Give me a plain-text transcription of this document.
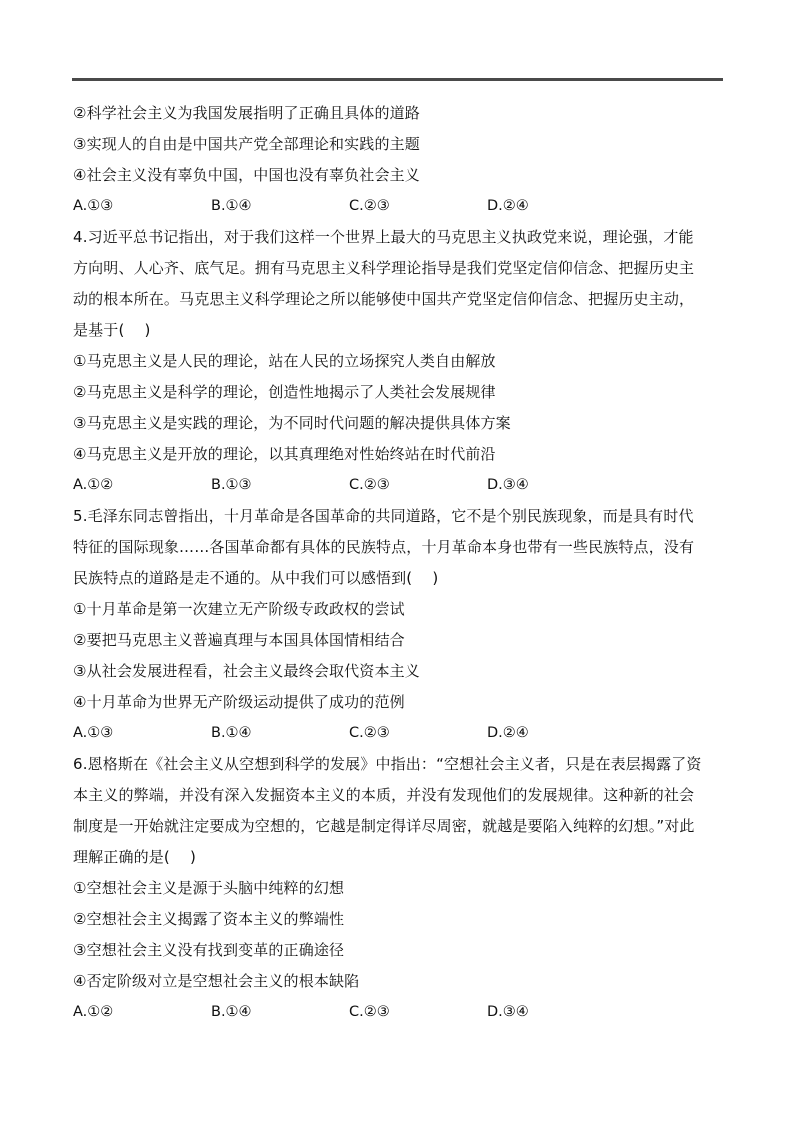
②科学社会主义为我国发展指明了正确且具体的道路
③实现人的自由是中国共产党全部理论和实践的主题
④社会主义没有辜负中国，中国也没有辜负社会主义
A.①③	B.①④	C.②③	D.②④
4.习近平总书记指出，对于我们这样一个世界上最大的马克思主义执政党来说，理论强，才能
方向明、人心齐、底气足。拥有马克思主义科学理论指导是我们党坚定信仰信念、把握历史主
动的根本所在。马克思主义科学理论之所以能够使中国共产党坚定信仰信念、把握历史主动，
是基于(　 )
①马克思主义是人民的理论，站在人民的立场探究人类自由解放
②马克思主义是科学的理论，创造性地揭示了人类社会发展规律
③马克思主义是实践的理论，为不同时代问题的解决提供具体方案
④马克思主义是开放的理论，以其真理绝对性始终站在时代前沿
A.①②	B.①③	C.②③	D.③④
5.毛泽东同志曾指出，十月革命是各国革命的共同道路，它不是个别民族现象，而是具有时代
特征的国际现象……各国革命都有具体的民族特点，十月革命本身也带有一些民族特点，没有
民族特点的道路是走不通的。从中我们可以感悟到(　 )
①十月革命是第一次建立无产阶级专政政权的尝试
②要把马克思主义普遍真理与本国具体国情相结合
③从社会发展进程看，社会主义最终会取代资本主义
④十月革命为世界无产阶级运动提供了成功的范例
A.①③	B.①④	C.②③	D.②④
6.恩格斯在《社会主义从空想到科学的发展》中指出：“空想社会主义者，只是在表层揭露了资
本主义的弊端，并没有深入发掘资本主义的本质，并没有发现他们的发展规律。这种新的社会
制度是一开始就注定要成为空想的，它越是制定得详尽周密，就越是要陷入纯粹的幻想。”对此
理解正确的是(　 )
①空想社会主义是源于头脑中纯粹的幻想
②空想社会主义揭露了资本主义的弊端性
③空想社会主义没有找到变革的正确途径
④否定阶级对立是空想社会主义的根本缺陷
A.①②	B.①④	C.②③	D.③④
